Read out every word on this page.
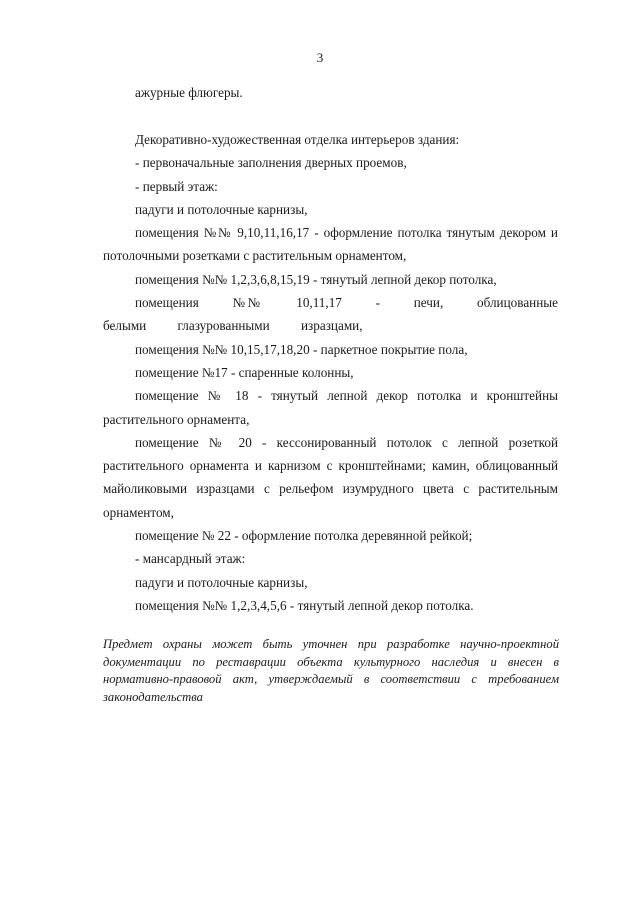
3

ажурные флюгеры.

Декоративно-художественная отделка интерьеров здания:

- первоначальные заполнения дверных проемов,

- первый этаж:

падуги и потолочные карнизы,

помещения №№ 9,10,11,16,17 - оформление потолка тянутым декором и потолочными розетками с растительным орнаментом,

помещения №№ 1,2,3,6,8,15,19 - тянутый лепной декор потолка,

помещения №№ 10,11,17 - печи, облицованные белыми глазурованными изразцами,

помещения №№ 10,15,17,18,20 - паркетное покрытие пола,

помещение №17 - спаренные колонны,

помещение № 18 - тянутый лепной декор потолка и кронштейны растительного орнамента,

помещение № 20 - кессонированный потолок с лепной розеткой растительного орнамента и карнизом с кронштейнами; камин, облицованный майоликовыми изразцами с рельефом изумрудного цвета с растительным орнаментом,

помещение № 22 - оформление потолка деревянной рейкой;

- мансардный этаж:

падуги и потолочные карнизы,

помещения №№ 1,2,3,4,5,6 - тянутый лепной декор потолка.

Предмет охраны может быть уточнен при разработке научно-проектной документации по реставрации объекта культурного наследия и внесен в нормативно-правовой акт, утверждаемый в соответствии с требованием законодательства
